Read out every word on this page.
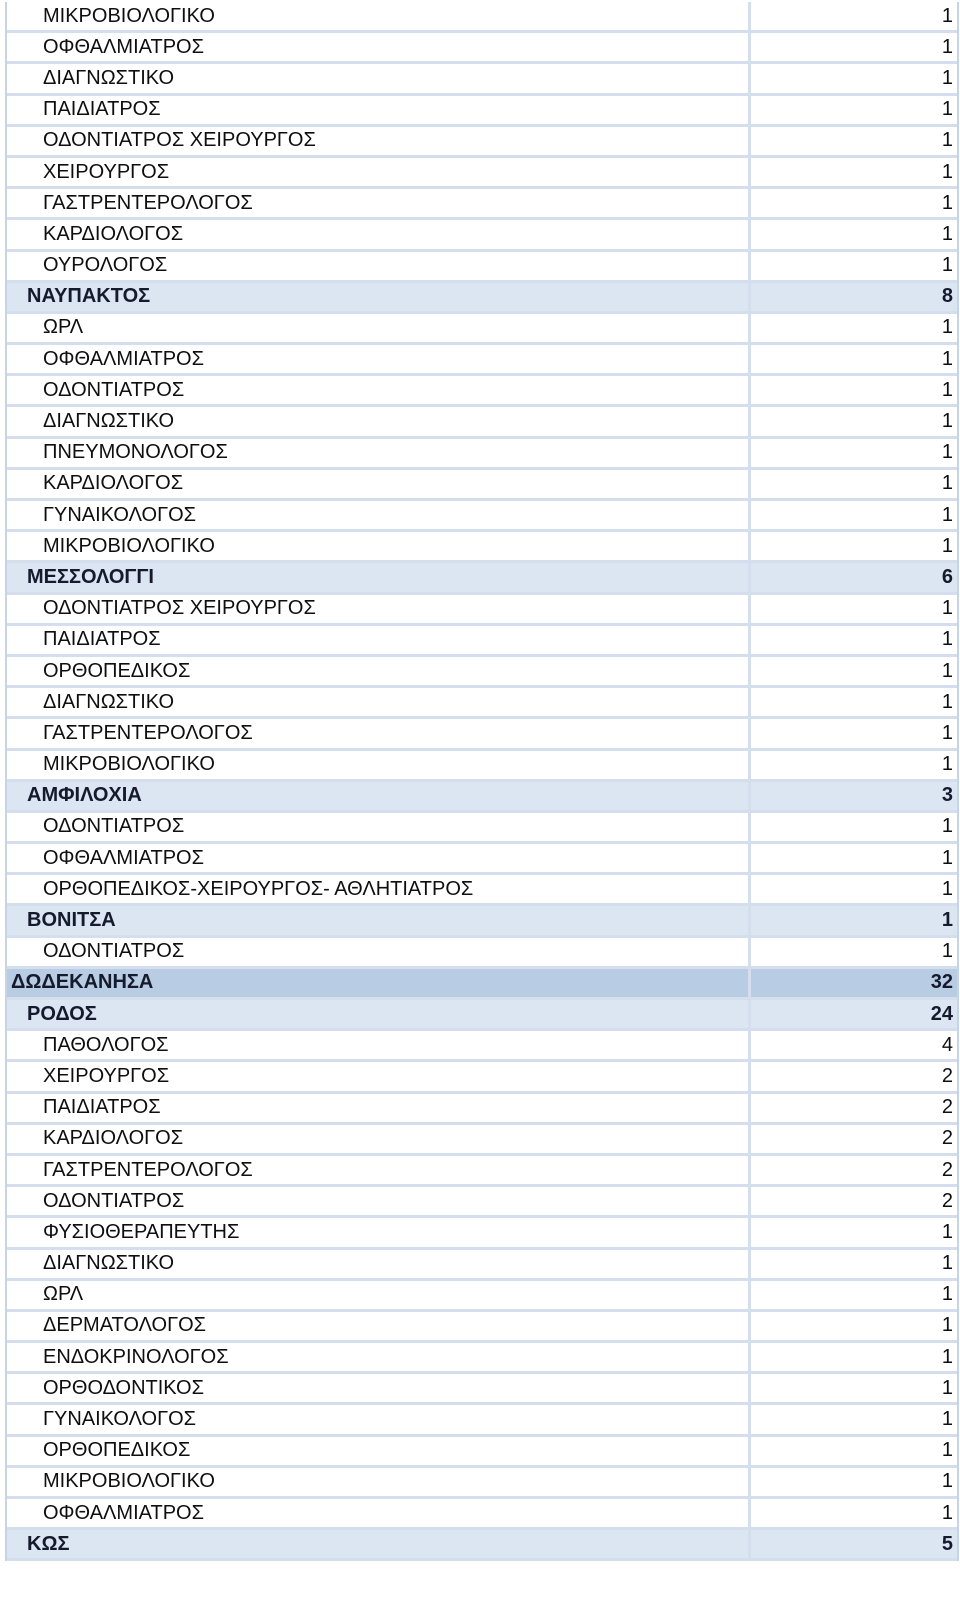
ΜΙΚΡΟΒΙΟΛΟΓΙΚΟ	1
ΟΦΘΑΛΜΙΑΤΡΟΣ	1
ΔΙΑΓΝΩΣΤΙΚΟ	1
ΠΑΙΔΙΑΤΡΟΣ	1
ΟΔΟΝΤΙΑΤΡΟΣ ΧΕΙΡΟΥΡΓΟΣ	1
ΧΕΙΡΟΥΡΓΟΣ	1
ΓΑΣΤΡΕΝΤΕΡΟΛΟΓΟΣ	1
ΚΑΡΔΙΟΛΟΓΟΣ	1
ΟΥΡΟΛΟΓΟΣ	1
ΝΑΥΠΑΚΤΟΣ	8
ΩΡΛ	1
ΟΦΘΑΛΜΙΑΤΡΟΣ	1
ΟΔΟΝΤΙΑΤΡΟΣ	1
ΔΙΑΓΝΩΣΤΙΚΟ	1
ΠΝΕΥΜΟΝΟΛΟΓΟΣ	1
ΚΑΡΔΙΟΛΟΓΟΣ	1
ΓΥΝΑΙΚΟΛΟΓΟΣ	1
ΜΙΚΡΟΒΙΟΛΟΓΙΚΟ	1
ΜΕΣΣΟΛΟΓΓΙ	6
ΟΔΟΝΤΙΑΤΡΟΣ ΧΕΙΡΟΥΡΓΟΣ	1
ΠΑΙΔΙΑΤΡΟΣ	1
ΟΡΘΟΠΕΔΙΚΟΣ	1
ΔΙΑΓΝΩΣΤΙΚΟ	1
ΓΑΣΤΡΕΝΤΕΡΟΛΟΓΟΣ	1
ΜΙΚΡΟΒΙΟΛΟΓΙΚΟ	1
ΑΜΦΙΛΟΧΙΑ	3
ΟΔΟΝΤΙΑΤΡΟΣ	1
ΟΦΘΑΛΜΙΑΤΡΟΣ	1
ΟΡΘΟΠΕΔΙΚΟΣ-ΧΕΙΡΟΥΡΓΟΣ- ΑΘΛΗΤΙΑΤΡΟΣ	1
ΒΟΝΙΤΣΑ	1
ΟΔΟΝΤΙΑΤΡΟΣ	1
ΔΩΔΕΚΑΝΗΣΑ	32
ΡΟΔΟΣ	24
ΠΑΘΟΛΟΓΟΣ	4
ΧΕΙΡΟΥΡΓΟΣ	2
ΠΑΙΔΙΑΤΡΟΣ	2
ΚΑΡΔΙΟΛΟΓΟΣ	2
ΓΑΣΤΡΕΝΤΕΡΟΛΟΓΟΣ	2
ΟΔΟΝΤΙΑΤΡΟΣ	2
ΦΥΣΙΟΘΕΡΑΠΕΥΤΗΣ	1
ΔΙΑΓΝΩΣΤΙΚΟ	1
ΩΡΛ	1
ΔΕΡΜΑΤΟΛΟΓΟΣ	1
ΕΝΔΟΚΡΙΝΟΛΟΓΟΣ	1
ΟΡΘΟΔΟΝΤΙΚΟΣ	1
ΓΥΝΑΙΚΟΛΟΓΟΣ	1
ΟΡΘΟΠΕΔΙΚΟΣ	1
ΜΙΚΡΟΒΙΟΛΟΓΙΚΟ	1
ΟΦΘΑΛΜΙΑΤΡΟΣ	1
ΚΩΣ	5
